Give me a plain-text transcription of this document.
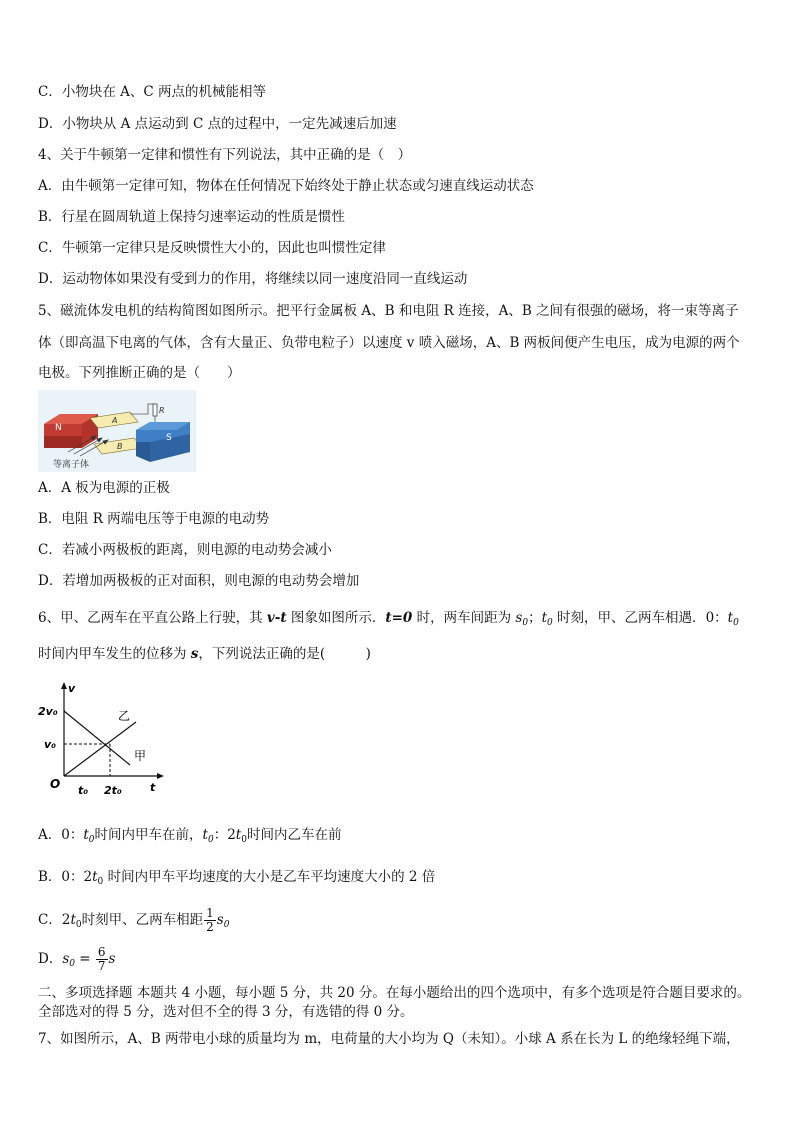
C．小物块在 A、C 两点的机械能相等
D．小物块从 A 点运动到 C 点的过程中，一定先减速后加速
4、关于牛顿第一定律和惯性有下列说法，其中正确的是（　）
A．由牛顿第一定律可知，物体在任何情况下始终处于静止状态或匀速直线运动状态
B．行星在圆周轨道上保持匀速率运动的性质是惯性
C．牛顿第一定律只是反映惯性大小的，因此也叫惯性定律
D．运动物体如果没有受到力的作用，将继续以同一速度沿同一直线运动
5、磁流体发电机的结构简图如图所示。把平行金属板 A、B 和电阻 R 连接，A、B 之间有很强的磁场，将一束等离子
体（即高温下电离的气体，含有大量正、负带电粒子）以速度 v 喷入磁场，A、B 两板间便产生电压，成为电源的两个
电极。下列推断正确的是（　　）
N
A
B
R
S
等离子体
A．A 板为电源的正极
B．电阻 R 两端电压等于电源的电动势
C．若减小两极板的距离，则电源的电动势会减小
D．若增加两极板的正对面积，则电源的电动势会增加
6、甲、乙两车在平直公路上行驶，其 v-t 图象如图所示．t=0 时，两车间距为 $s_0$；$t_0$ 时刻，甲、乙两车相遇．0：$t_0$
时间内甲车发生的位移为 s，下列说法正确的是(　　　)
v
t
O
2v₀
v₀
t₀ 2t₀
乙
甲
A．0：$t_0$时间内甲车在前，$t_0$：$2t_0$时间内乙车在前
B．0：$2t_0$ 时间内甲车平均速度的大小是乙车平均速度大小的 2 倍
C．$2t_0$时刻甲、乙两车相距 $\frac{1}{2} s_0$
D．$s_0 = \frac{6}{7}$ s
二、多项选择题 本题共 4 小题，每小题 5 分，共 20 分。在每小题给出的四个选项中，有多个选项是符合题目要求的。
全部选对的得 5 分，选对但不全的得 3 分，有选错的得 0 分。
7、如图所示，A、B 两带电小球的质量均为 m，电荷量的大小均为 Q（未知）。小球 A 系在长为 L 的绝缘轻绳下端，
